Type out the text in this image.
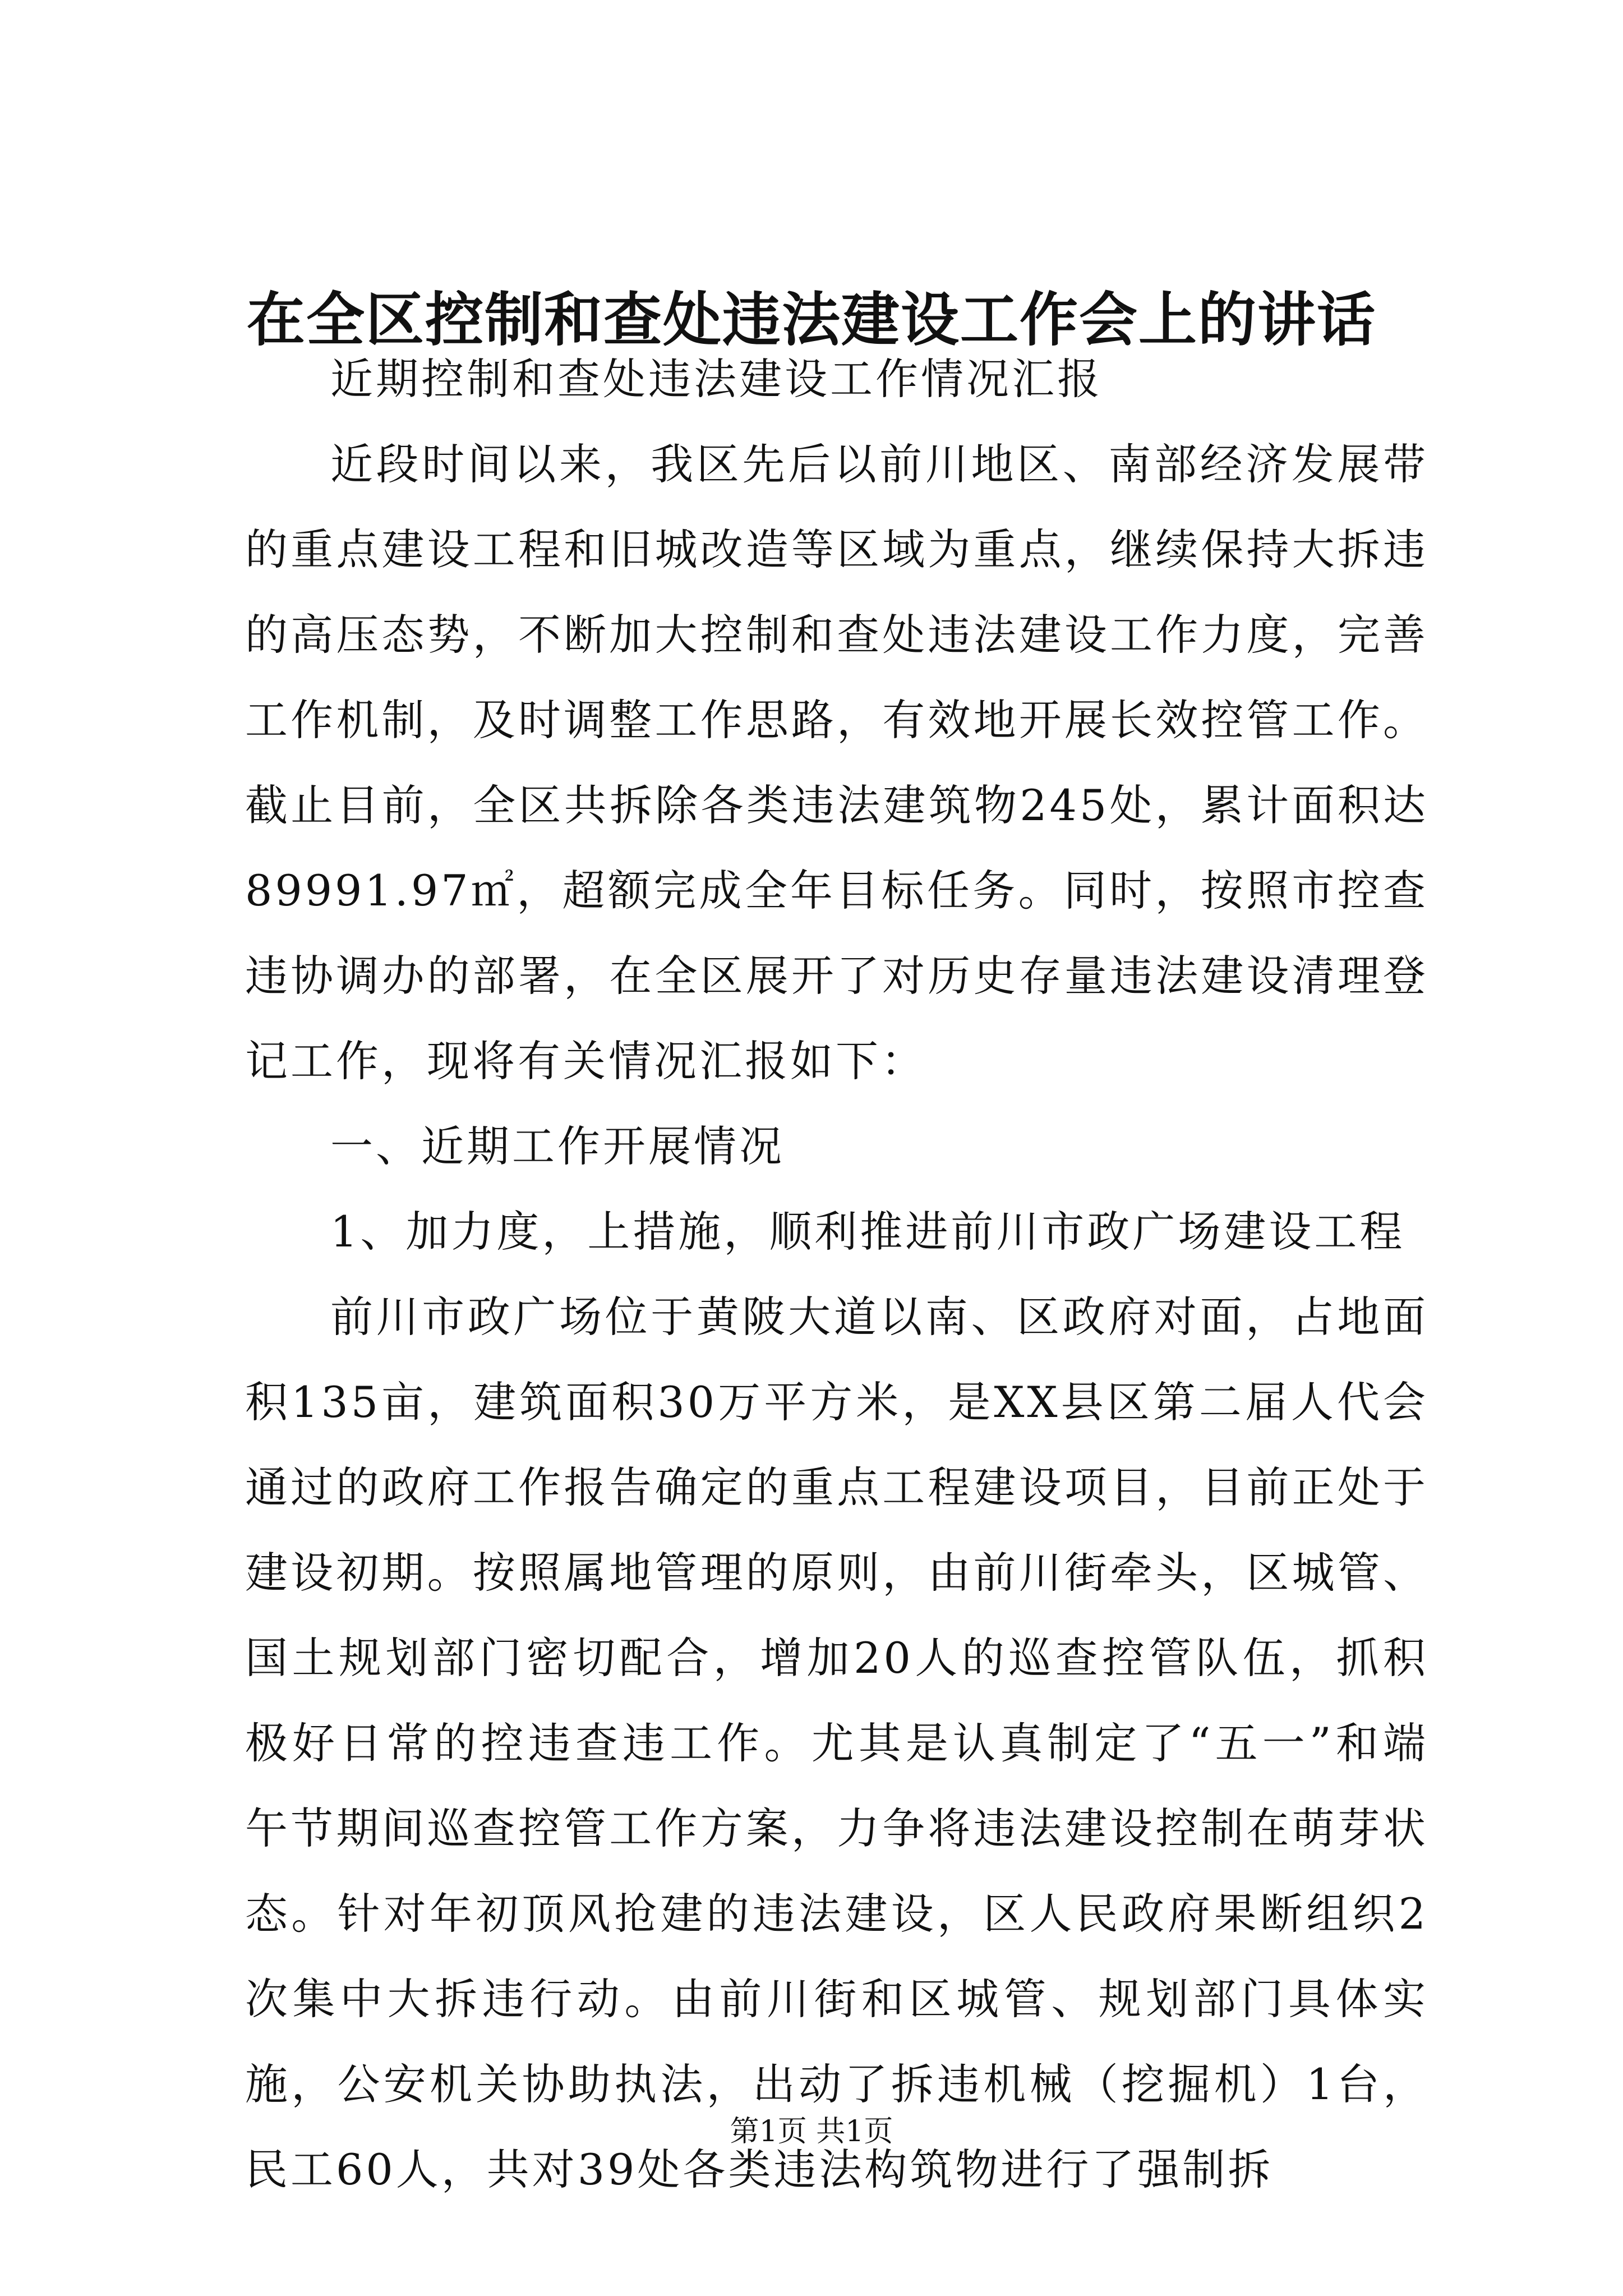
在全区控制和查处违法建设工作会上的讲话

近期控制和查处违法建设工作情况汇报

近段时间以来，我区先后以前川地区、南部经济发展带的重点建设工程和旧城改造等区域为重点，继续保持大拆违的高压态势，不断加大控制和查处违法建设工作力度，完善工作机制，及时调整工作思路，有效地开展长效控管工作。截止目前，全区共拆除各类违法建筑物245处，累计面积达89991.97㎡，超额完成全年目标任务。同时，按照市控查违协调办的部署，在全区展开了对历史存量违法建设清理登记工作，现将有关情况汇报如下：

一、近期工作开展情况

1、加力度，上措施，顺利推进前川市政广场建设工程

前川市政广场位于黄陂大道以南、区政府对面，占地面积135亩，建筑面积30万平方米，是XX县区第二届人代会通过的政府工作报告确定的重点工程建设项目，目前正处于建设初期。按照属地管理的原则，由前川街牵头，区城管、国土规划部门密切配合，增加20人的巡查控管队伍，抓积极好日常的控违查违工作。尤其是认真制定了“五一”和端午节期间巡查控管工作方案，力争将违法建设控制在萌芽状态。针对年初顶风抢建的违法建设，区人民政府果断组织2次集中大拆违行动。由前川街和区城管、规划部门具体实施，公安机关协助执法，出动了拆违机械（挖掘机）1台，民工60人，共对39处各类违法构筑物进行了强制拆

第1页 共1页
